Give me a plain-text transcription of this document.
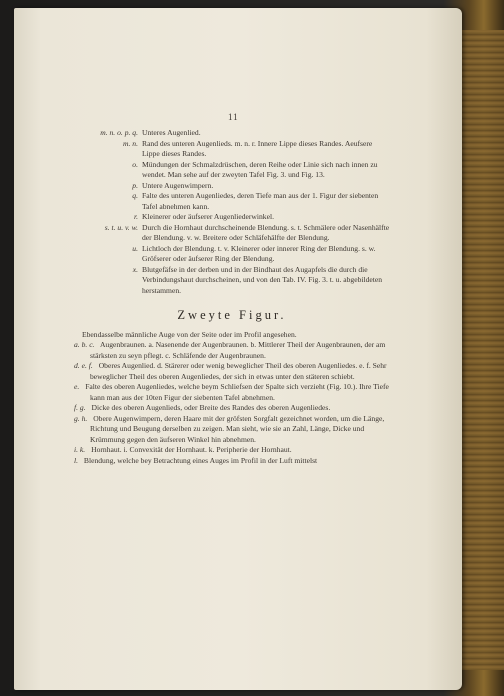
11
m. n. o. p. q. Unteres Augenlied.
m. n. Rand des unteren Augenlieds. m. n. r. Innere Lippe dieses Randes. Aeufsere Lippe dieses Randes.
o. Mündungen der Schmalzdrüschen, deren Reihe oder Linie sich nach innen zu wendet. Man sehe auf der zweyten Tafel Fig. 3. und Fig. 13.
p. Untere Augenwimpern.
q. Falte des unteren Augenliedes, deren Tiefe man aus der 1. Figur der siebenten Tafel abnehmen kann.
r. Kleinerer oder äufserer Augenliederwinkel.
s. t. u. v. w. Durch die Hornhaut durchscheinende Blendung. s. t. Schmälere oder Nasenhälfte der Blendung. v. w. Breitere oder Schläfehälfte der Blendung.
u. Lichtloch der Blendung. t. v. Kleinerer oder innerer Ring der Blendung. s. w. Gröfserer oder äufserer Ring der Blendung.
x. Blutgefäfse in der derben und in der Bindhaut des Augapfels die durch die Verbindungshaut durchscheinen, und von den Tab. IV. Fig. 3. t. u. abgebildeten herstammen.
Zweyte Figur.
Ebendasselbe männliche Auge von der Seite oder im Profil angesehen.
a. b. c. Augenbraunen. a. Nasenende der Augenbraunen. b. Mittlerer Theil der Augenbraunen, der am stärksten zu seyn pflegt. c. Schläfende der Augenbraunen.
d. e. f. Oberes Augenlied. d. Stärerer oder wenig beweglicher Theil des oberen Augenliedes. e. f. Sehr beweglicher Theil des oberen Augenliedes, der sich in etwas unter den stäteren schiebt.
e. Falte des oberen Augenliedes, welche beym Schliefsen der Spalte sich verzieht (Fig. 10.). Ihre Tiefe kann man aus der 10ten Figur der siebenten Tafel abnehmen.
f. g. Dicke des oberen Augenlieds, oder Breite des Randes des oberen Augenliedes.
g. h. Obere Augenwimpern, deren Haare mit der gröfsten Sorgfalt gezeichnet worden, um die Länge, Richtung und Beugung derselben zu zeigen. Man sieht, wie sie an Zahl, Länge, Dicke und Krümmung gegen den äufseren Winkel hin abnehmen.
i. k. Hornhaut. i. Convexität der Hornhaut. k. Peripherie der Hornhaut.
l. Blendung, welche bey Betrachtung eines Auges im Profil in der Luft mittelst
